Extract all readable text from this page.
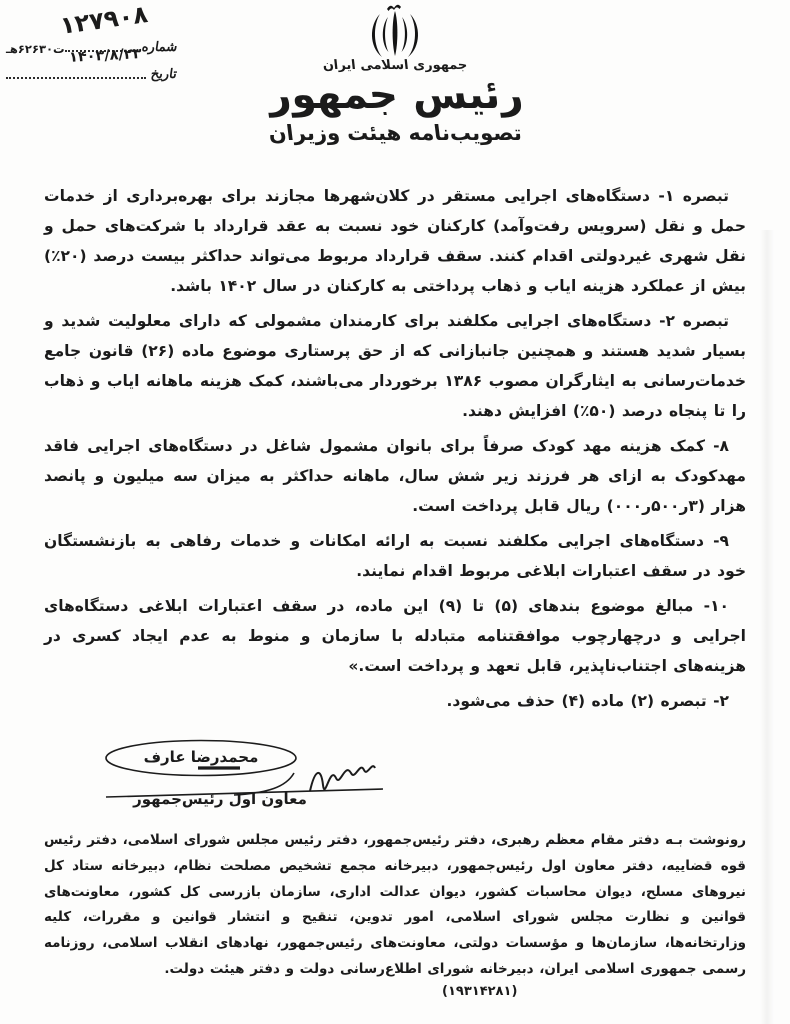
جمهوری اسلامی ایران
رئیس جمهور
تصویب‌نامه هیئت وزیران
شماره
ت۶۲۶۳۰هـ
۱۲۷۹۰۸
تاریخ
۱۴۰۳/۸/۲۳

تبصره ۱- دستگاه‌های اجرایی مستقر در کلان‌شهرها مجازند برای بهره‌برداری از خدمات حمل و نقل (سرویس رفت‌وآمد) کارکنان خود نسبت به عقد قرارداد با شرکت‌های حمل و نقل شهری غیردولتی اقدام کنند. سقف قرارداد مربوط می‌تواند حداکثر بیست درصد (۲۰٪) بیش از عملکرد هزینه ایاب و ذهاب پرداختی به کارکنان در سال ۱۴۰۲ باشد.

تبصره ۲- دستگاه‌های اجرایی مکلفند برای کارمندان مشمولی که دارای معلولیت شدید و بسیار شدید هستند و همچنین جانبازانی که از حق پرستاری موضوع ماده (۲۶) قانون جامع خدمات‌رسانی به ایثارگران مصوب ۱۳۸۶ برخوردار می‌باشند، کمک هزینه ماهانه ایاب و ذهاب را تا پنجاه درصد (۵۰٪) افزایش دهند.

۸- کمک هزینه مهد کودک صرفاً برای بانوان مشمول شاغل در دستگاه‌های اجرایی فاقد مهدکودک به ازای هر فرزند زیر شش سال، ماهانه حداکثر به میزان سه میلیون و پانصد هزار (۳ر۵۰۰ر۰۰۰) ریال قابل پرداخت است.

۹- دستگاه‌های اجرایی مکلفند نسبت به ارائه امکانات و خدمات رفاهی به بازنشستگان خود در سقف اعتبارات ابلاغی مربوط اقدام نمایند.

۱۰- مبالغ موضوع بندهای (۵) تا (۹) این ماده، در سقف اعتبارات ابلاغی دستگاه‌های اجرایی و درچهارچوب موافقتنامه متبادله با سازمان و منوط به عدم ایجاد کسری در هزینه‌های اجتناب‌ناپذیر، قابل تعهد و پرداخت است.»

۲- تبصره (۲) ماده (۴) حذف می‌شود.

محمدرضا عارف
معاون اول رئیس‌جمهور

رونوشت بـه دفتر مقام معظم رهبری، دفتر رئیس‌جمهور، دفتر رئیس مجلس شورای اسلامی، دفتر رئیس قوه قضاییه، دفتر معاون اول رئیس‌جمهور، دبیرخانه مجمع تشخیص مصلحت نظام، دبیرخانه ستاد کل نیروهای مسلح، دیوان محاسبات کشور، دیوان عدالت اداری، سازمان بازرسی کل کشور، معاونت‌های قوانین و نظارت مجلس شورای اسلامی، امور تدوین، تنقیح و انتشار قوانین و مقررات، کلیه وزارتخانه‌ها، سازمان‌ها و مؤسسات دولتی، معاونت‌های رئیس‌جمهور، نهادهای انقلاب اسلامی، روزنامه رسمی جمهوری اسلامی ایران، دبیرخانه شورای اطلاع‌رسانی دولت و دفتر هیئت دولت.

(۱۹۳۱۴۲۸۱)
